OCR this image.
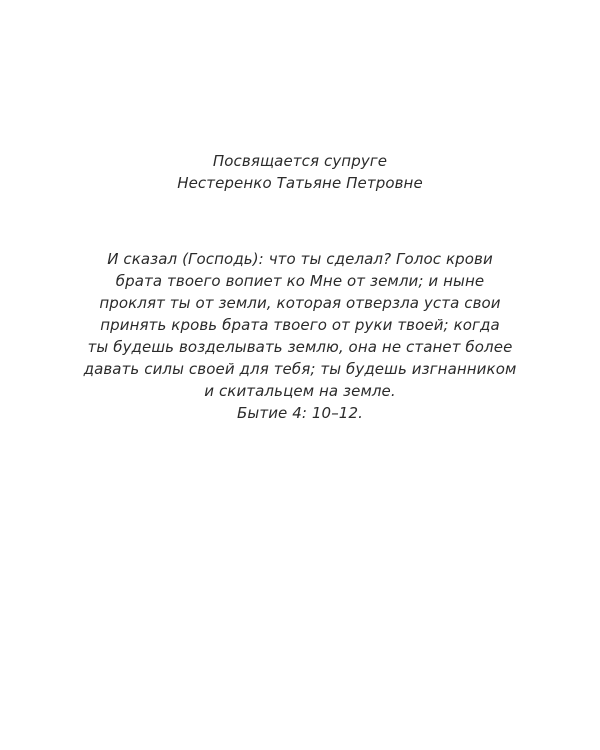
Посвящается супруге
Нестеренко Татьяне Петровне
И сказал (Господь): что ты сделал? Голос крови
брата твоего вопиет ко Мне от земли; и ныне
проклят ты от земли, которая отверзла уста свои
принять кровь брата твоего от руки твоей; когда
ты будешь возделывать землю, она не станет более
давать силы своей для тебя; ты будешь изгнанником
и скитальцем на земле.
Бытие 4: 10–12.
